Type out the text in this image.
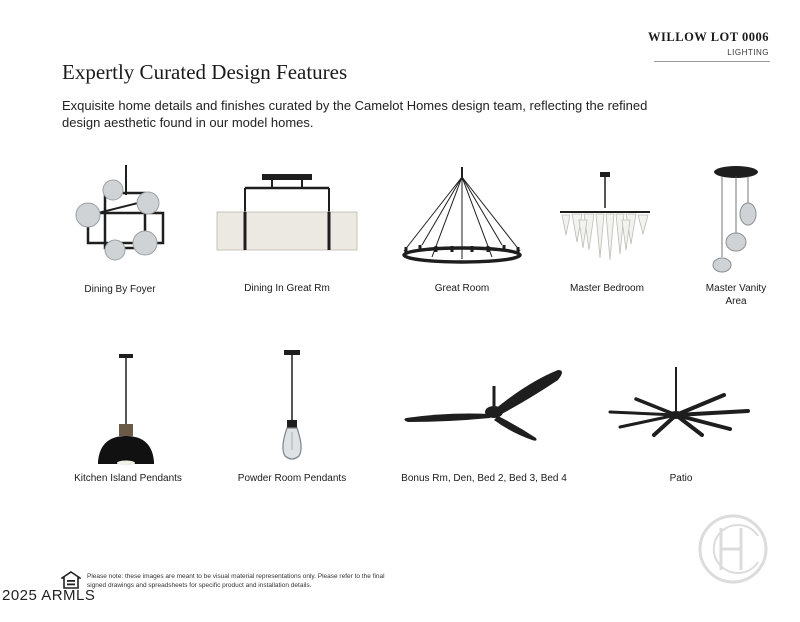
WILLOW LOT 0006
LIGHTING
Expertly Curated Design Features
Exquisite home details and finishes curated by the Camelot Homes design team, reflecting the refined design aesthetic found in our model homes.
Dining By Foyer	Dining In Great Rm	Great Room	Master Bedroom	Master Vanity Area
Kitchen Island Pendants	Powder Room Pendants	Bonus Rm, Den, Bed 2, Bed 3, Bed 4	Patio
Please note: these images are meant to be visual material representations only. Please refer to the final signed drawings and spreadsheets for specific product and installation details.
2025 ARMLS
